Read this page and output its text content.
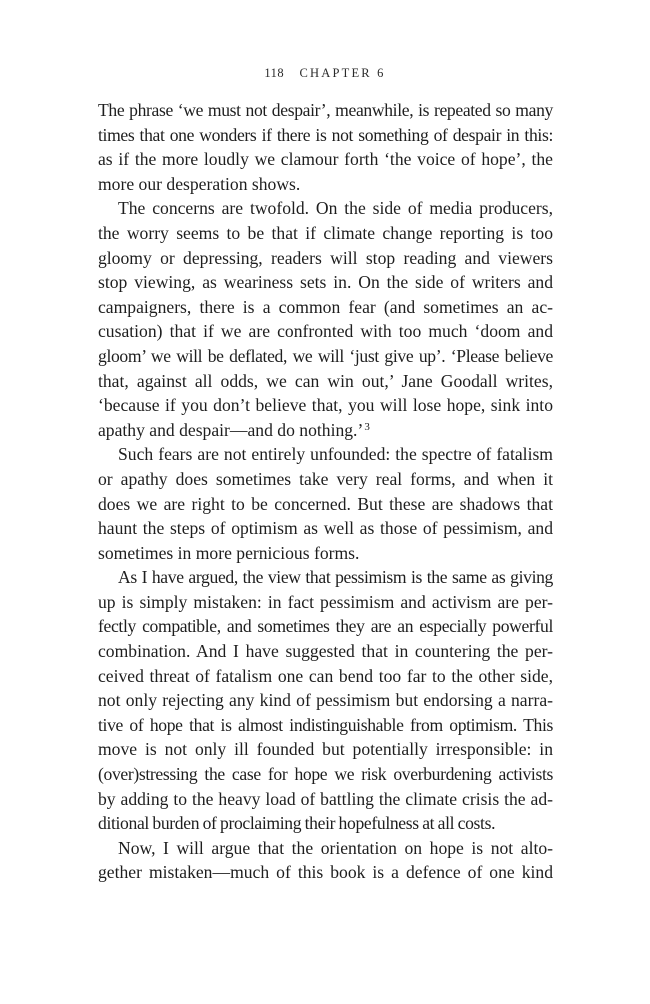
118 CHAPTER 6
The phrase ‘we must not despair’, meanwhile, is repeated so many
times that one wonders if there is not something of despair in this:
as if the more loudly we clamour forth ‘the voice of hope’, the
more our desperation shows.
The concerns are twofold. On the side of media producers,
the worry seems to be that if climate change reporting is too
gloomy or depressing, readers will stop reading and viewers
stop viewing, as weariness sets in. On the side of writers and
campaigners, there is a common fear (and sometimes an ac-
cusation) that if we are confronted with too much ‘doom and
gloom’ we will be deflated, we will ‘just give up’. ‘Please believe
that, against all odds, we can win out,’ Jane Goodall writes,
‘because if you don’t believe that, you will lose hope, sink into
apathy and despair—and do nothing.’$^3$
Such fears are not entirely unfounded: the spectre of fatalism
or apathy does sometimes take very real forms, and when it
does we are right to be concerned. But these are shadows that
haunt the steps of optimism as well as those of pessimism, and
sometimes in more pernicious forms.
As I have argued, the view that pessimism is the same as giving
up is simply mistaken: in fact pessimism and activism are per-
fectly compatible, and sometimes they are an especially powerful
combination. And I have suggested that in countering the per-
ceived threat of fatalism one can bend too far to the other side,
not only rejecting any kind of pessimism but endorsing a narra-
tive of hope that is almost indistinguishable from optimism. This
move is not only ill founded but potentially irresponsible: in
(over)stressing the case for hope we risk overburdening activists
by adding to the heavy load of battling the climate crisis the ad-
ditional burden of proclaiming their hopefulness at all costs.
Now, I will argue that the orientation on hope is not alto-
gether mistaken—much of this book is a defence of one kind
